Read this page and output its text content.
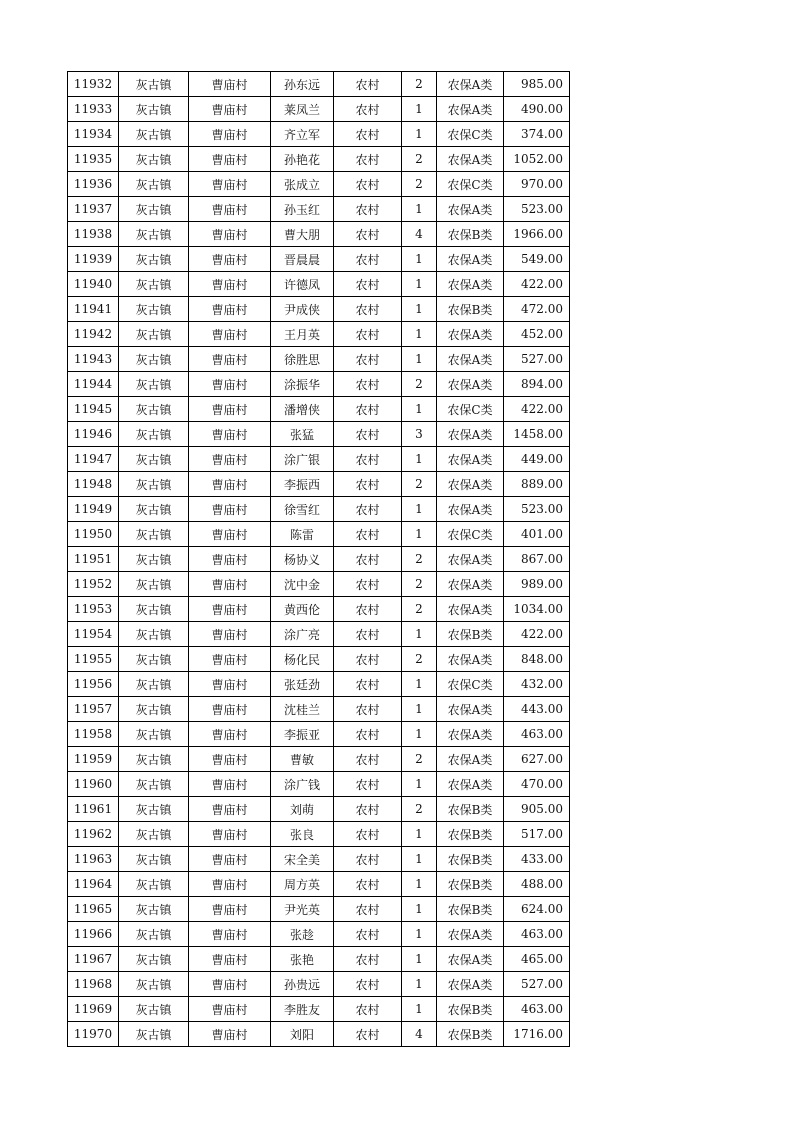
11932	灰古镇	曹庙村	孙东远	农村	2	农保A类	985.00
11933	灰古镇	曹庙村	莱凤兰	农村	1	农保A类	490.00
11934	灰古镇	曹庙村	齐立军	农村	1	农保C类	374.00
11935	灰古镇	曹庙村	孙艳花	农村	2	农保A类	1052.00
11936	灰古镇	曹庙村	张成立	农村	2	农保C类	970.00
11937	灰古镇	曹庙村	孙玉红	农村	1	农保A类	523.00
11938	灰古镇	曹庙村	曹大朋	农村	4	农保B类	1966.00
11939	灰古镇	曹庙村	晋晨晨	农村	1	农保A类	549.00
11940	灰古镇	曹庙村	许德凤	农村	1	农保A类	422.00
11941	灰古镇	曹庙村	尹成侠	农村	1	农保B类	472.00
11942	灰古镇	曹庙村	王月英	农村	1	农保A类	452.00
11943	灰古镇	曹庙村	徐胜思	农村	1	农保A类	527.00
11944	灰古镇	曹庙村	涂振华	农村	2	农保A类	894.00
11945	灰古镇	曹庙村	潘增侠	农村	1	农保C类	422.00
11946	灰古镇	曹庙村	张猛	农村	3	农保A类	1458.00
11947	灰古镇	曹庙村	涂广银	农村	1	农保A类	449.00
11948	灰古镇	曹庙村	李振西	农村	2	农保A类	889.00
11949	灰古镇	曹庙村	徐雪红	农村	1	农保A类	523.00
11950	灰古镇	曹庙村	陈雷	农村	1	农保C类	401.00
11951	灰古镇	曹庙村	杨协义	农村	2	农保A类	867.00
11952	灰古镇	曹庙村	沈中金	农村	2	农保A类	989.00
11953	灰古镇	曹庙村	黄西伦	农村	2	农保A类	1034.00
11954	灰古镇	曹庙村	涂广亮	农村	1	农保B类	422.00
11955	灰古镇	曹庙村	杨化民	农村	2	农保A类	848.00
11956	灰古镇	曹庙村	张廷劲	农村	1	农保C类	432.00
11957	灰古镇	曹庙村	沈桂兰	农村	1	农保A类	443.00
11958	灰古镇	曹庙村	李振亚	农村	1	农保A类	463.00
11959	灰古镇	曹庙村	曹敏	农村	2	农保A类	627.00
11960	灰古镇	曹庙村	涂广钱	农村	1	农保A类	470.00
11961	灰古镇	曹庙村	刘萌	农村	2	农保B类	905.00
11962	灰古镇	曹庙村	张良	农村	1	农保B类	517.00
11963	灰古镇	曹庙村	宋全美	农村	1	农保B类	433.00
11964	灰古镇	曹庙村	周方英	农村	1	农保B类	488.00
11965	灰古镇	曹庙村	尹光英	农村	1	农保B类	624.00
11966	灰古镇	曹庙村	张趁	农村	1	农保A类	463.00
11967	灰古镇	曹庙村	张艳	农村	1	农保A类	465.00
11968	灰古镇	曹庙村	孙贵远	农村	1	农保A类	527.00
11969	灰古镇	曹庙村	李胜友	农村	1	农保B类	463.00
11970	灰古镇	曹庙村	刘阳	农村	4	农保B类	1716.00
